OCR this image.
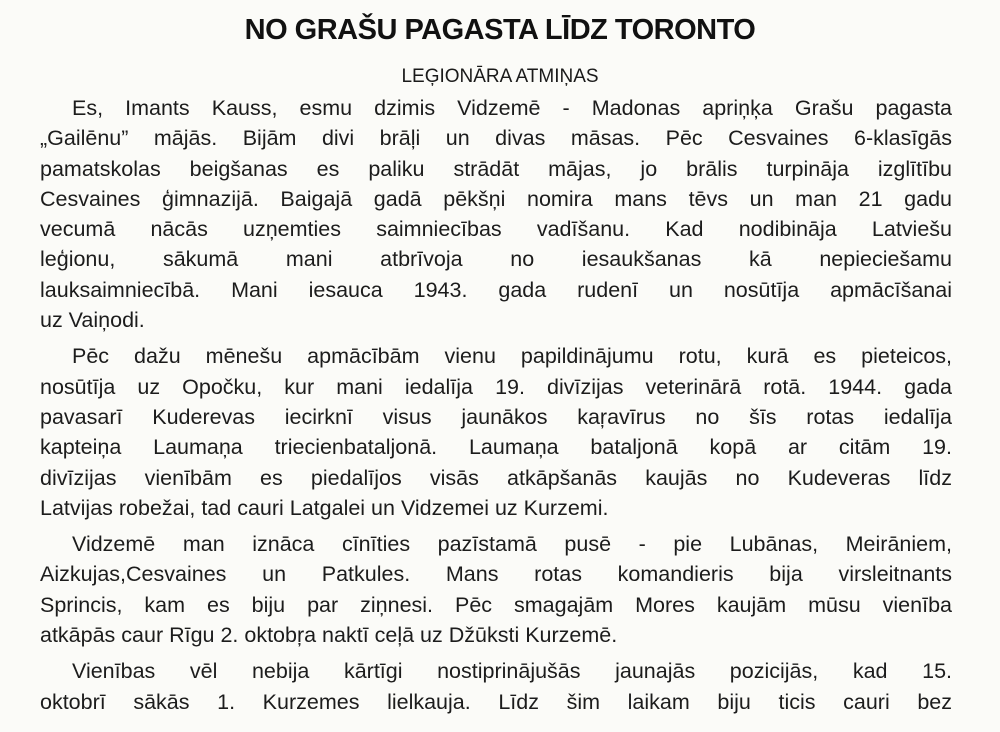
NO GRAŠU PAGASTA LĪDZ TORONTO
LEĢIONĀRA ATMIŅAS
Es, Imants Kauss, esmu dzimis Vidzemē - Madonas apriņķa Grašu pagasta
„Gailēnu” mājās. Bijām divi brāļi un divas māsas. Pēc Cesvaines 6-klasīgās
pamatskolas beigšanas es paliku strādāt mājas, jo brālis turpināja izglītību
Cesvaines ģimnazijā. Baigajā gadā pēkšņi nomira mans tēvs un man 21 gadu
vecumā nācās uzņemties saimniecības vadīšanu. Kad nodibināja Latviešu
leģionu, sākumā mani atbrīvoja no iesaukšanas kā nepieciešamu
lauksaimniecībā. Mani iesauca 1943. gada rudenī un nosūtīja apmācīšanai
uz Vaiņodi.
Pēc dažu mēnešu apmācībām vienu papildinājumu rotu, kurā es pieteicos,
nosūtīja uz Opočku, kur mani iedalīja 19. divīzijas veterinārā rotā. 1944. gada
pavasarī Kuderevas iecirknī visus jaunākos kaŗavīrus no šīs rotas iedalīja
kapteiņa Laumaņa triecienbataljonā. Laumaņa bataljonā kopā ar citām 19.
divīzijas vienībām es piedalījos visās atkāpšanās kaujās no Kudeveras līdz
Latvijas robežai, tad cauri Latgalei un Vidzemei uz Kurzemi.
Vidzemē man iznāca cīnīties pazīstamā pusē - pie Lubānas, Meirāniem,
Aizkujas,Cesvaines un Patkules. Mans rotas komandieris bija virsleitnants
Sprincis, kam es biju par ziņnesi. Pēc smagajām Mores kaujām mūsu vienība
atkāpās caur Rīgu 2. oktobŗa naktī ceļā uz Džūksti Kurzemē.
Vienības vēl nebija kārtīgi nostiprinājušās jaunajās pozicijās, kad 15.
oktobrī sākās 1. Kurzemes lielkauja. Līdz šim laikam biju ticis cauri bez
